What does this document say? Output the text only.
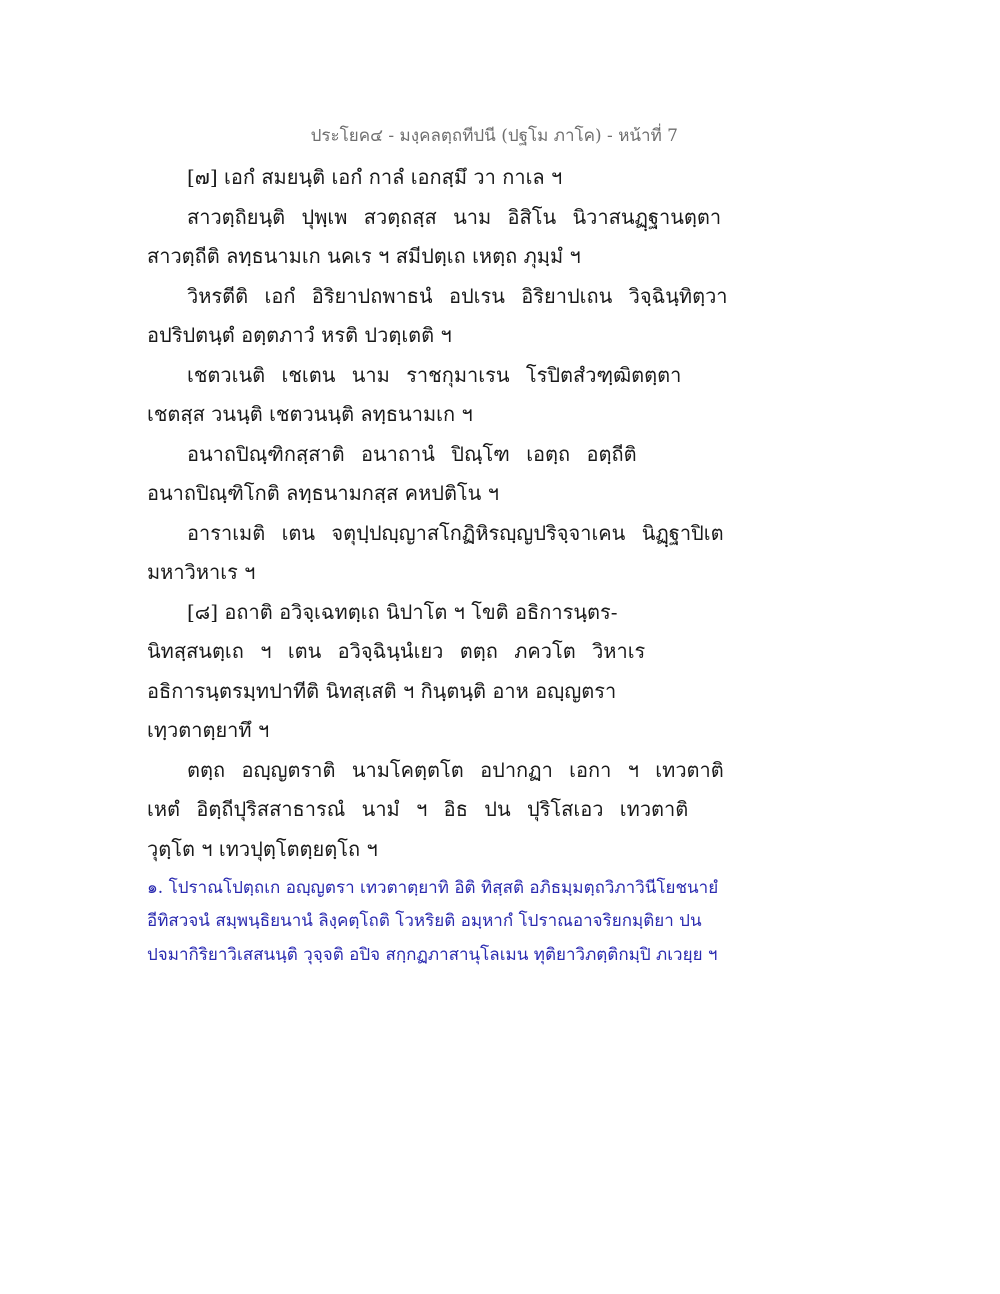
ประโยค๔ - มงฺคลตฺถทีปนี (ปฐโม ภาโค) - หน้าที่ 7
[๗] เอกํ สมยนฺติ เอกํ กาลํ เอกสฺมึ วา กาเล ฯ
สาวตฺถิยนฺติ ปุพฺเพ สวตฺถสฺส นาม อิสิโน นิวาสนฏฺฐานตฺตา
สาวตฺถีติ ลทฺธนามเก นคเร ฯ สมีปตฺเถ เหตฺถ ภุมฺมํ ฯ
วิหรตีติ เอกํ อิริยาปถพาธนํ อปเรน อิริยาปเถน วิจฺฉินฺทิตฺวา
อปริปตนฺตํ อตฺตภาวํ หรติ ปวตฺเตติ ฯ
เชตวเนติ เชเตน นาม ราชกุมาเรน โรปิตสํวฑฺฒิตตฺตา
เชตสฺส วนนฺติ เชตวนนฺติ ลทฺธนามเก ฯ
อนาถปิณฺฑิกสฺสาติ อนาถานํ ปิณฺโฑ เอตฺถ อตฺถีติ
อนาถปิณฺฑิโกติ ลทฺธนามกสฺส คหปติโน ฯ
อาราเมติ เตน จตุปฺปญฺญาสโกฏิหิรญฺญปริจฺจาเคน นิฏฺฐาปิเต
มหาวิหาเร ฯ
[๘] อถาติ อวิจฺเฉทตฺเถ นิปาโต ฯ โขติ อธิการนฺตร-
นิทสฺสนตฺเถ ฯ เตน อวิจฺฉินฺนํเยว ตตฺถ ภควโต วิหาเร
อธิการนฺตรมฺทปาทีติ นิทสฺเสติ ฯ กินฺตนฺติ อาห อญฺญตรา
เทฺวตาตฺยาทึ ฯ
ตตฺถ อญฺญตราติ นามโคตฺตโต อปากฏา เอกา ฯ เทวตาติ
เหตํ อิตฺถีปุริสสาธารณํ นามํ ฯ อิธ ปน ปุริโสเอว เทวตาติ
วุตฺโต ฯ เทวปุตฺโตตฺยตฺโถ ฯ
๑. โปราณโปตฺถเก อญฺญตรา เทวตาตฺยาทิ อิติ ทิสฺสติ อภิธมฺมตฺถวิภาวินีโยชนายํ
อีทิสวจนํ สมฺพนฺธิยนานํ ลิงฺคตฺโถติ โวหริยติ อมฺหากํ โปราณอาจริยกมฺติยา ปน
ปจมากิริยาวิเสสนนฺติ วุจฺจติ อปิจ สกฺกฏภาสานุโลเมน ทุติยาวิภตฺติกมฺปิ ภเวยฺย ฯ
